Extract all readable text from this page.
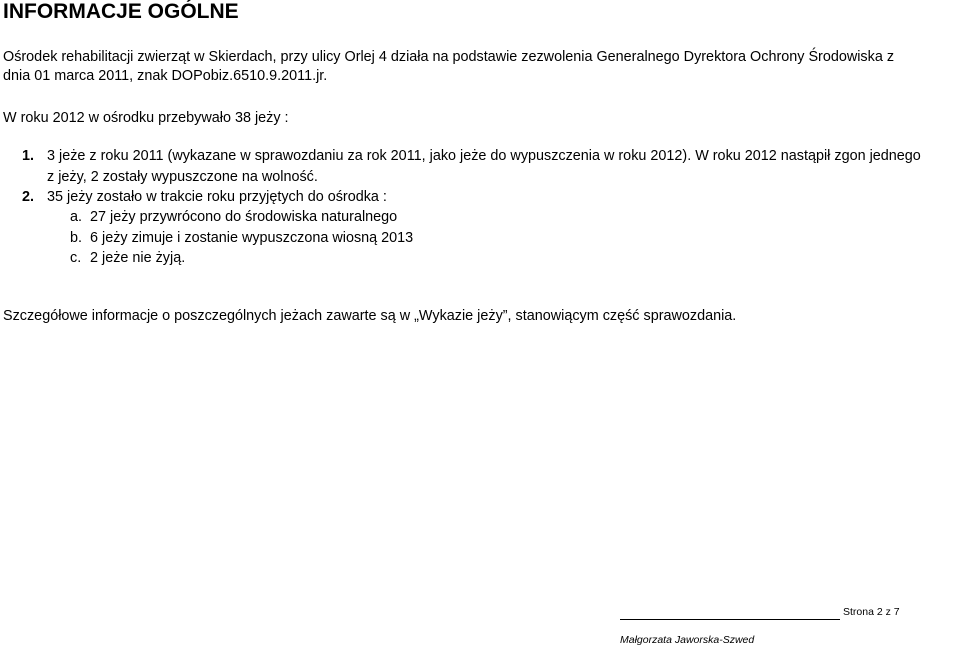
INFORMACJE OGÓLNE

Ośrodek rehabilitacji zwierząt w Skierdach, przy ulicy Orlej 4 działa na podstawie zezwolenia Generalnego Dyrektora Ochrony Środowiska z

dnia 01 marca 2011, znak DOPobiz.6510.9.2011.jr.

W roku 2012 w ośrodku przebywało 38 jeży :

1. 3 jeże z roku 2011 (wykazane w sprawozdaniu za rok 2011, jako jeże do wypuszczenia w roku 2012). W roku 2012 nastąpił zgon jednego
z jeży, 2 zostały wypuszczone na wolność.
2. 35 jeży zostało w trakcie roku przyjętych do ośrodka :
a. 27 jeży przywrócono do środowiska naturalnego
b. 6 jeży zimuje i zostanie wypuszczona wiosną 2013
c. 2 jeże nie żyją.

Szczegółowe informacje o poszczególnych jeżach zawarte są w „Wykazie jeży”, stanowiącym część sprawozdania.

Strona 2 z 7
Małgorzata Jaworska-Szwed
